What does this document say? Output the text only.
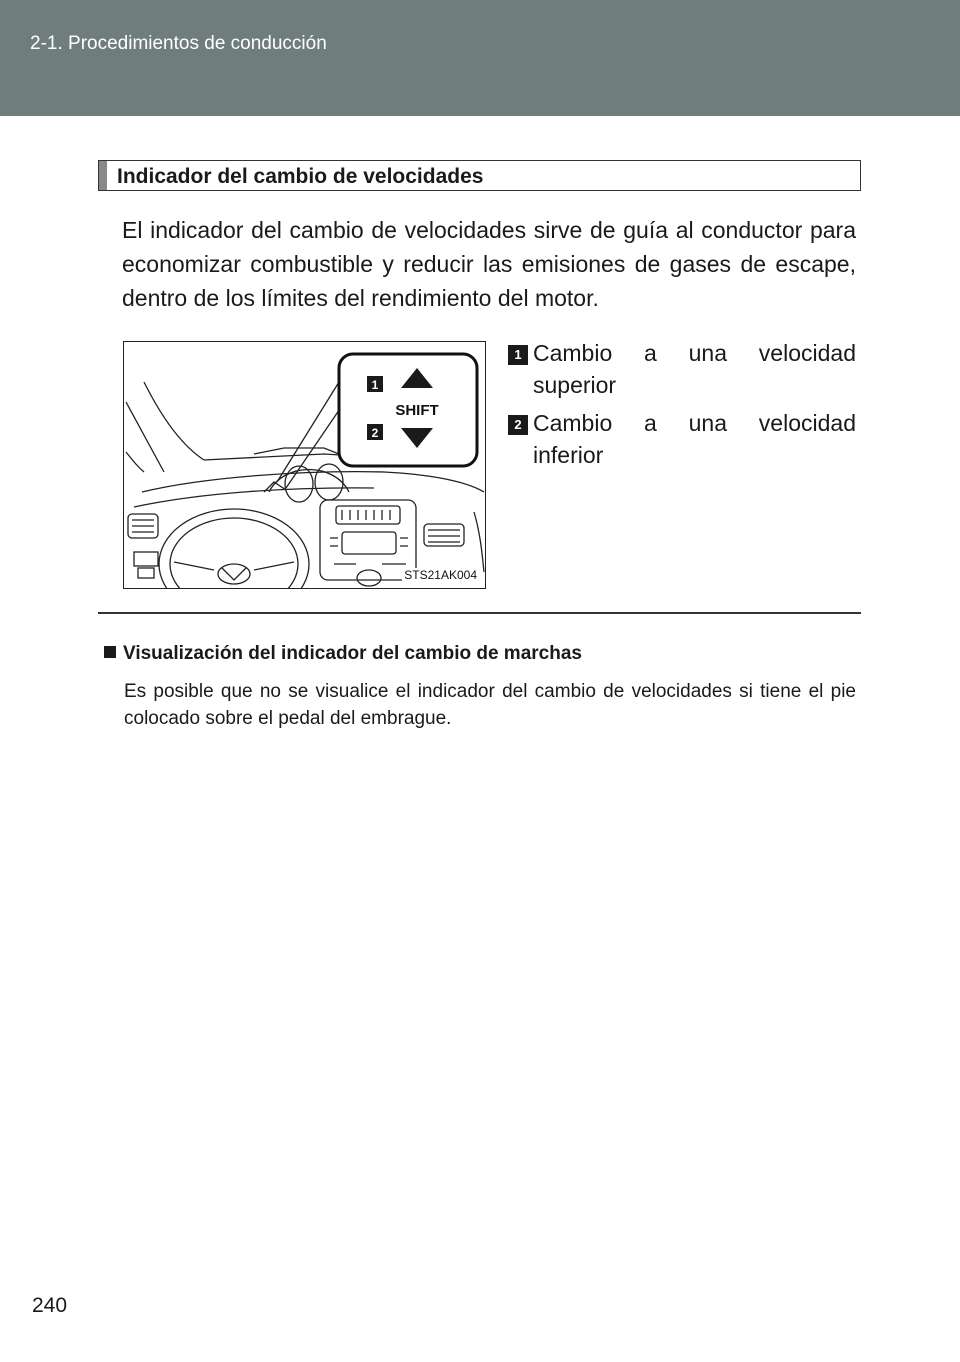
2-1. Procedimientos de conducción
Indicador del cambio de velocidades

El indicador del cambio de velocidades sirve de guía al conductor para economizar combustible y reducir las emisiones de gases de escape, dentro de los límites del rendimiento del motor.

1
SHIFT
2
STS21AK004
1 Cambio a una velocidad superior
2 Cambio a una velocidad inferior
Visualización del indicador del cambio de marchas

Es posible que no se visualice el indicador del cambio de velocidades si tiene el pie colocado sobre el pedal del embrague.

240
